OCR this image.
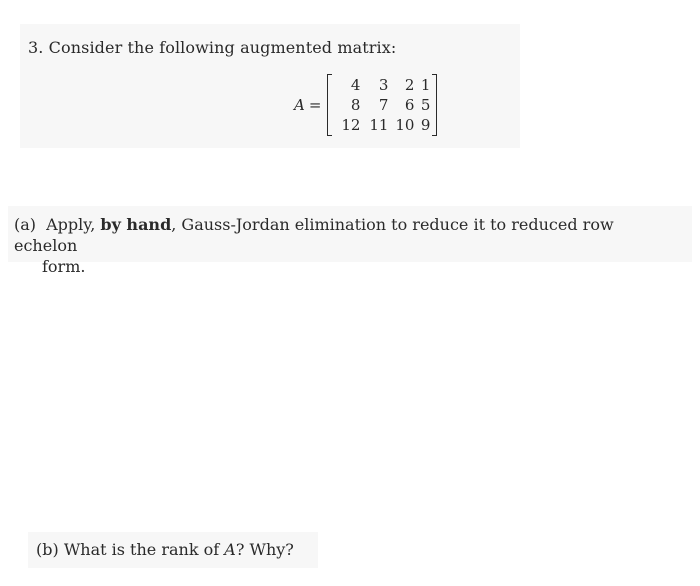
3. Consider the following augmented matrix:
A =
4	3	2 1
8	7	6 5
12 11 10 9
(a) Apply, by hand, Gauss-Jordan elimination to reduce it to reduced row echelon
form.
(b) What is the rank of A? Why?
